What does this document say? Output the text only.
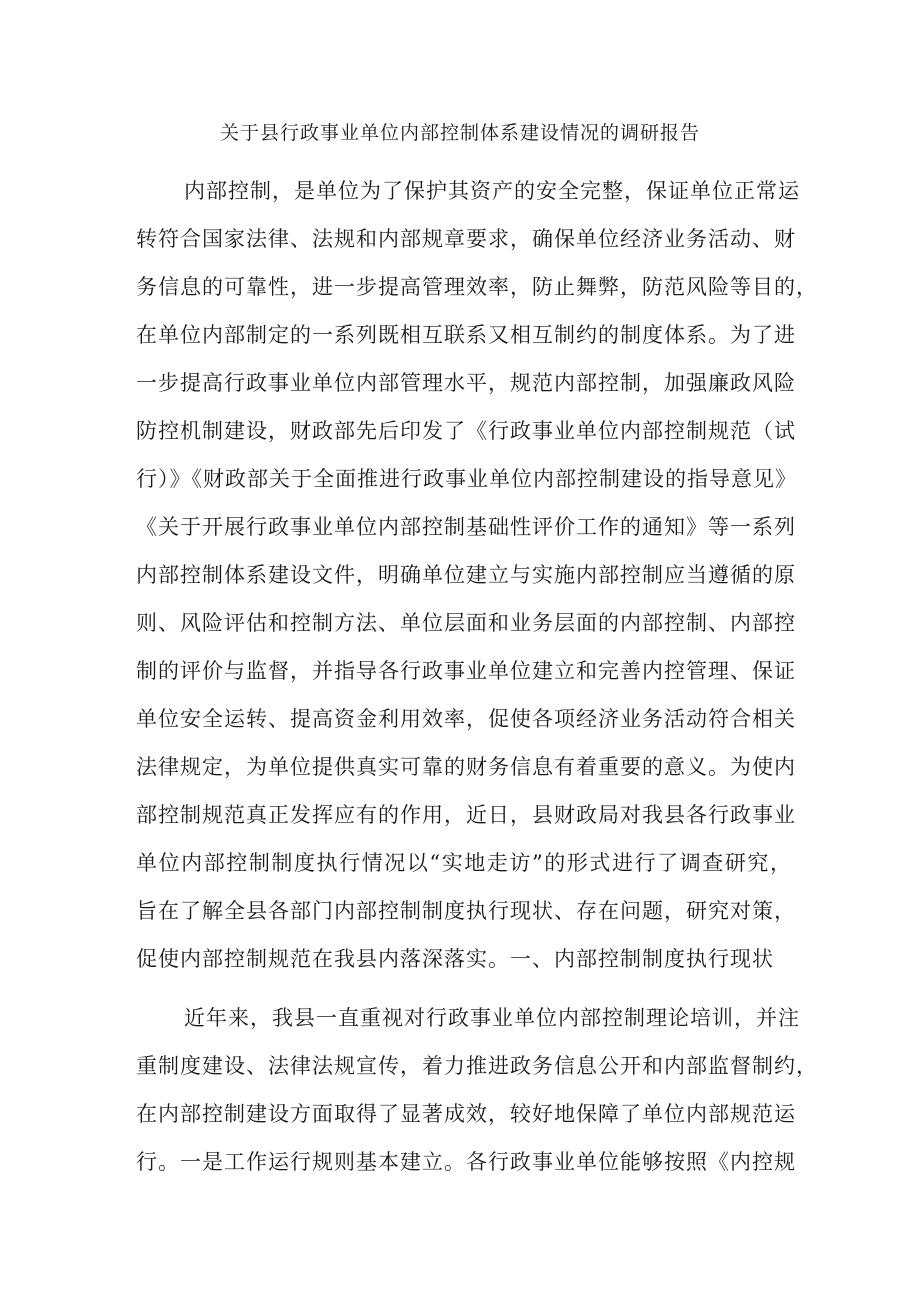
关于县行政事业单位内部控制体系建设情况的调研报告

内部控制，是单位为了保护其资产的安全完整，保证单位正常运

转符合国家法律、法规和内部规章要求，确保单位经济业务活动、财

务信息的可靠性，进一步提高管理效率，防止舞弊，防范风险等目的，

在单位内部制定的一系列既相互联系又相互制约的制度体系。为了进

一步提高行政事业单位内部管理水平，规范内部控制，加强廉政风险

防控机制建设，财政部先后印发了《行政事业单位内部控制规范（试

行）》《财政部关于全面推进行政事业单位内部控制建设的指导意见》

《关于开展行政事业单位内部控制基础性评价工作的通知》等一系列

内部控制体系建设文件，明确单位建立与实施内部控制应当遵循的原

则、风险评估和控制方法、单位层面和业务层面的内部控制、内部控

制的评价与监督，并指导各行政事业单位建立和完善内控管理、保证

单位安全运转、提高资金利用效率，促使各项经济业务活动符合相关

法律规定，为单位提供真实可靠的财务信息有着重要的意义。为使内

部控制规范真正发挥应有的作用，近日，县财政局对我县各行政事业

单位内部控制制度执行情况以“实地走访”的形式进行了调查研究，

旨在了解全县各部门内部控制制度执行现状、存在问题，研究对策，

促使内部控制规范在我县内落深落实。一、内部控制制度执行现状

近年来，我县一直重视对行政事业单位内部控制理论培训，并注

重制度建设、法律法规宣传，着力推进政务信息公开和内部监督制约，

在内部控制建设方面取得了显著成效，较好地保障了单位内部规范运

行。一是工作运行规则基本建立。各行政事业单位能够按照《内控规
